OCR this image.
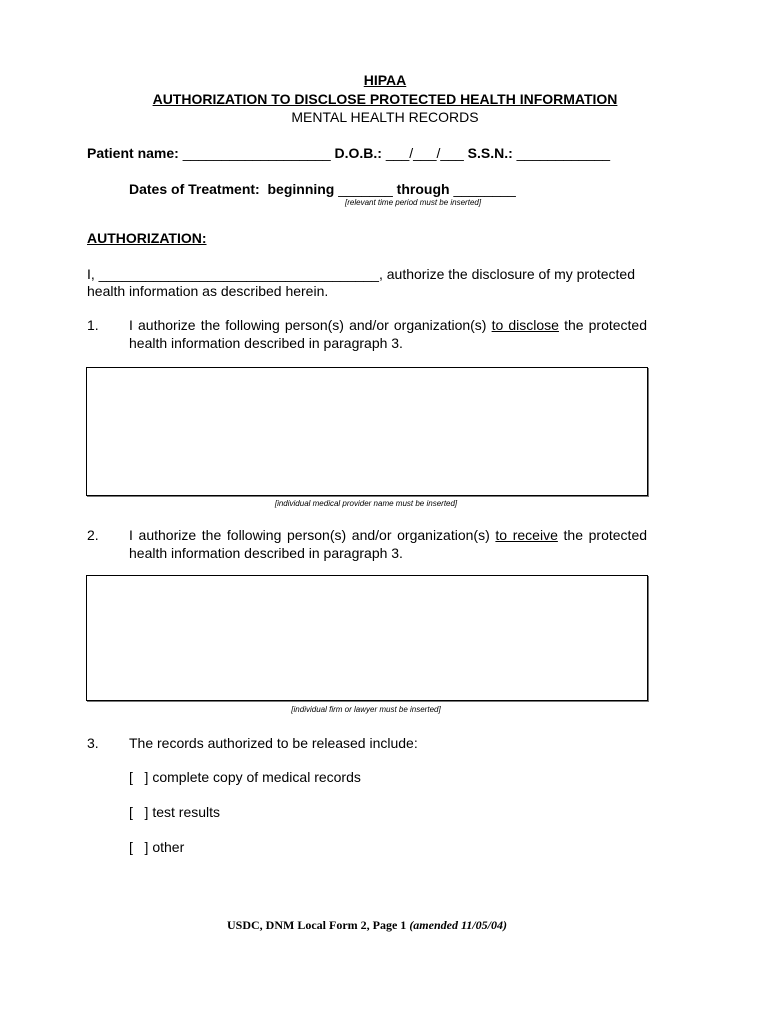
HIPAA
AUTHORIZATION TO DISCLOSE PROTECTED HEALTH INFORMATION
MENTAL HEALTH RECORDS
Patient name: ___________________ D.O.B.: ___/___/___ S.S.N.: ____________
Dates of Treatment: beginning _______ through ________
[relevant time period must be inserted]
AUTHORIZATION:
I, ____________________________________, authorize the disclosure of my protected
health information as described herein.
1. I authorize the following person(s) and/or organization(s) to disclose the protected
health information described in paragraph 3.
[individual medical provider name must be inserted]
2. I authorize the following person(s) and/or organization(s) to receive the protected
health information described in paragraph 3.
[individual firm or lawyer must be inserted]
3. The records authorized to be released include:
[   ] complete copy of medical records
[   ] test results
[   ] other
USDC, DNM Local Form 2, Page 1 (amended 11/05/04)
